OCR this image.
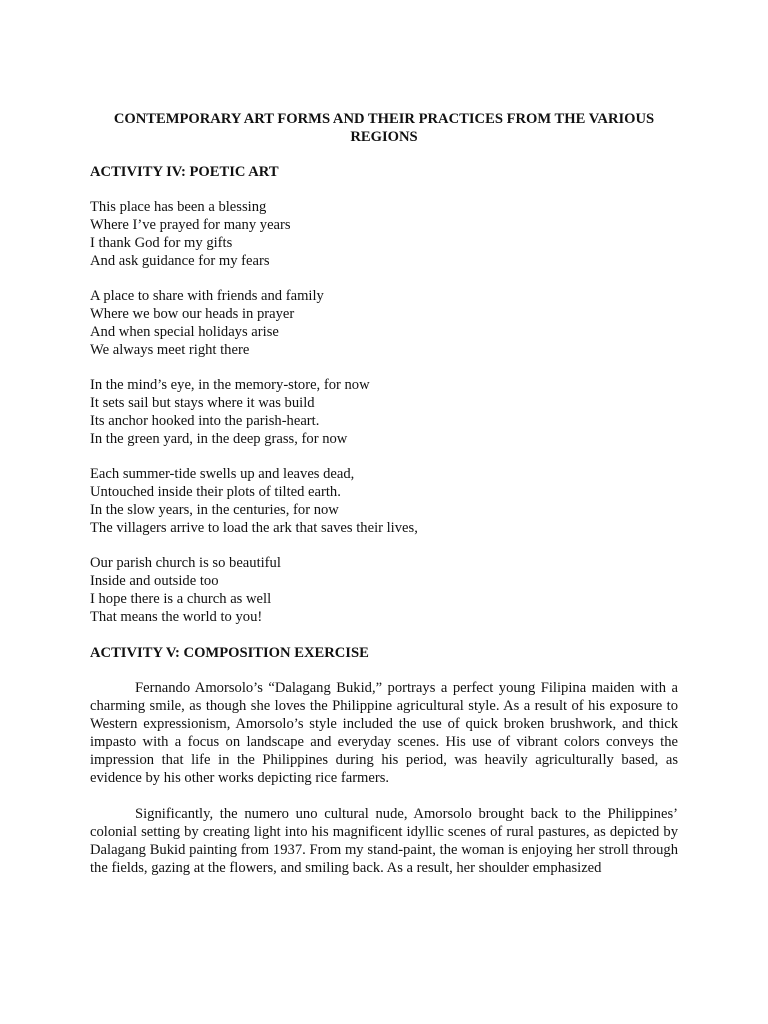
CONTEMPORARY ART FORMS AND THEIR PRACTICES FROM THE VARIOUS REGIONS
ACTIVITY IV: POETIC ART
This place has been a blessing
Where I’ve prayed for many years
I thank God for my gifts
And ask guidance for my fears
A place to share with friends and family
Where we bow our heads in prayer
And when special holidays arise
We always meet right there
In the mind’s eye, in the memory-store, for now
It sets sail but stays where it was build
Its anchor hooked into the parish-heart.
In the green yard, in the deep grass, for now
Each summer-tide swells up and leaves dead,
Untouched inside their plots of tilted earth.
In the slow years, in the centuries, for now
The villagers arrive to load the ark that saves their lives,
Our parish church is so beautiful
Inside and outside too
I hope there is a church as well
That means the world to you!
ACTIVITY V: COMPOSITION EXERCISE

Fernando Amorsolo’s “Dalagang Bukid,” portrays a perfect young Filipina maiden with a charming smile, as though she loves the Philippine agricultural style. As a result of his exposure to Western expressionism, Amorsolo’s style included the use of quick broken brushwork, and thick impasto with a focus on landscape and everyday scenes. His use of vibrant colors conveys the impression that life in the Philippines during his period, was heavily agriculturally based, as evidence by his other works depicting rice farmers.

Significantly, the numero uno cultural nude, Amorsolo brought back to the Philippines’ colonial setting by creating light into his magnificent idyllic scenes of rural pastures, as depicted by Dalagang Bukid painting from 1937. From my stand-paint, the woman is enjoying her stroll through the fields, gazing at the flowers, and smiling back. As a result, her shoulder emphasized
